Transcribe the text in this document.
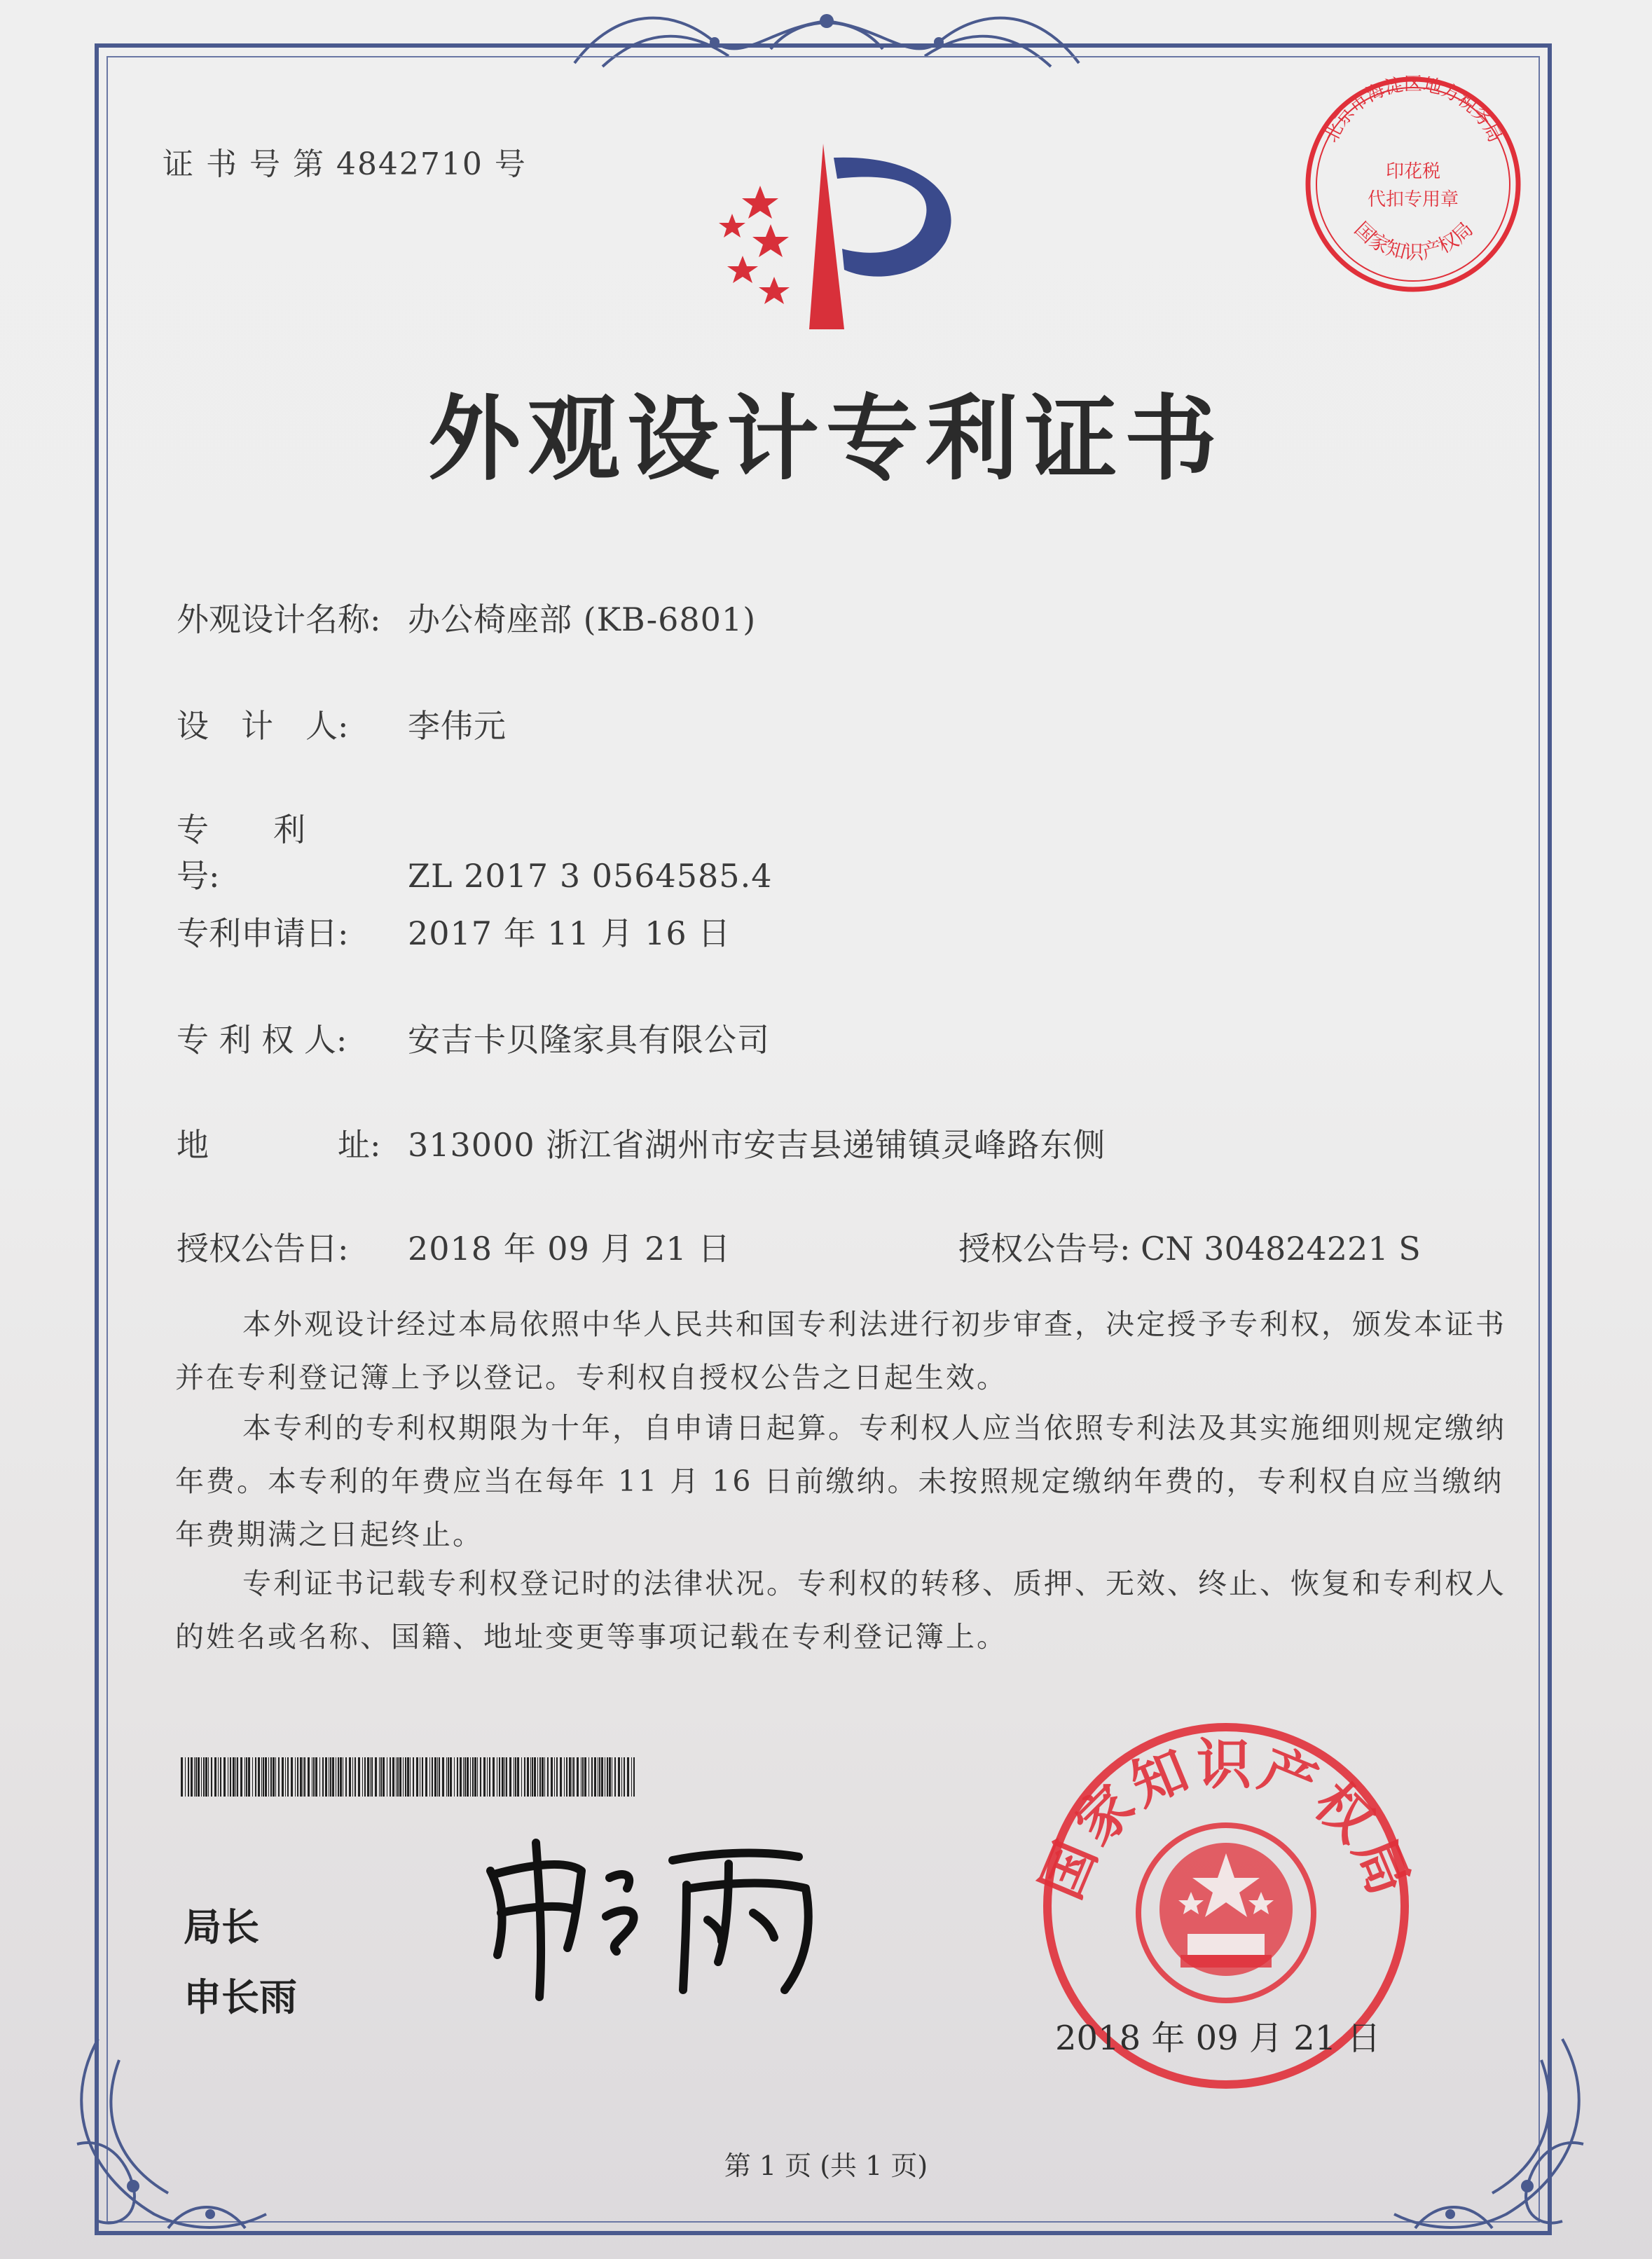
证 书 号 第 4842710 号
北京市海淀区地方税务局
印花税
代扣专用章
国家知识产权局
外观设计专利证书
外观设计名称: 办公椅座部 (KB-6801)
设　计　人: 李伟元
专　　利　　号:	ZL 2017 3 0564585.4
专利申请日: 2017 年 11 月 16 日
专 利 权 人: 安吉卡贝隆家具有限公司
地　　　　址: 313000 浙江省湖州市安吉县递铺镇灵峰路东侧
授权公告日: 2018 年 09 月 21 日	授权公告号: CN 304824221 S
本外观设计经过本局依照中华人民共和国专利法进行初步审查，决定授予专利权，颁发本证书并在专利登记簿上予以登记。专利权自授权公告之日起生效。
本专利的专利权期限为十年，自申请日起算。专利权人应当依照专利法及其实施细则规定缴纳年费。本专利的年费应当在每年 11 月 16 日前缴纳。未按照规定缴纳年费的，专利权自应当缴纳年费期满之日起终止。
专利证书记载专利权登记时的法律状况。专利权的转移、质押、无效、终止、恢复和专利权人的姓名或名称、国籍、地址变更等事项记载在专利登记簿上。
局长
申长雨
国家知识产权局
2018 年 09 月 21 日
第 1 页 (共 1 页)
